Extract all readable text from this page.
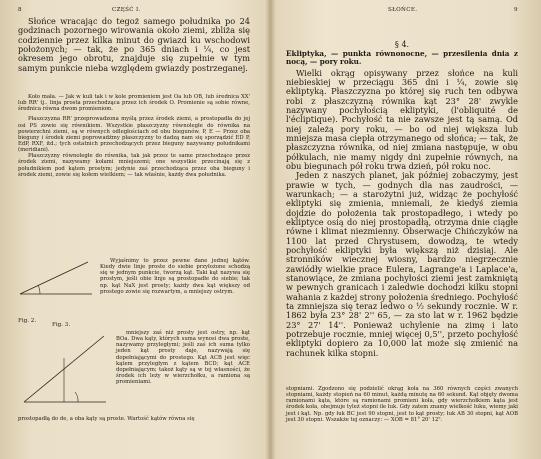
8	CZĘŚĆ I.

Słońce wracając do tegoż samego południka po 24 godzinach pozornego wirowania około ziemi, zbliża się codziennie przez kilka minut do gwiazd ku wschodowi położonych; — tak, że po 365 dniach i ¼, co jest okresem jego obrotu, znajduje się zupełnie w tym samym punkcie nieba względem gwiazdy postrzeganej.

Koło mała. — Jak w kuli tak i w kole promieniem jest Oa lub OB, lub średnica XX' lub RR' tj.. linja prosta przechodząca przez ich środek O. Promienie są sobie równe, średnica równa dwom promieniom.

Płaszczyzna RR' przeprowadzona myślą przez środek ziemi, a prostopadła do jej osi PS zowie się równikiem. Wszystkie płaszczyzny równoległe do równika na powierzchni ziemi, są w równych odległościach od obu biegunów. P, E — Przez oba bieguny i środek ziemi poprowadźmy płaszczyzny to dadzą nam się sporządzić ED P, EdP, RXF, itd.; tych ostatnich przechodzących przez bieguny nazywamy południkami (meridiani).

Płaszczyzny równoległe do równika, tak jak przez te same przechodzące przez środek ziemi, nazywamy kołami mniejszemi; one wszystkie przecinają się z południkiem pod kątem prostym; jedynie zaś przechodząca przez oba bieguny i środek ziemi, zowie się kołem wielkiem; — tak właśnie, każdy dwa południka.

Fig. 2.

Wyjaśnimy to przez pewne dane jednej kątów. Kiedy dwie linje proste do siebie przyłożone schodzą się w jednym punkcie, tworzą kąt. Taki kąt nazywa się prostym, jeśli obie linje są prostopadłe do siebie; tak np. kąt NaX jest prosty; każdy dwa kąt większy od prostego zowie się rozwartym, a mniejszy ostrym.

Fig. 3.

mniejszy zaś niż prosty jest ostry, np. kąt BOa. Dwa kąty, których suma wynosi dwa proste, nazywamy przyległymi; jeśli zaś ich suma tylko jeden kąt prosty daje, nazywają się dopełniającymi do prostego. Kąt ACB jest więc kątem przyległym z kątem BCD; kąt ACE dopełniającym; takoż kąty są w tej własności, że środek ich leży w wierzchołku, a ramiona są promieniami.

prostopadłą do de, a oba kąty są proste. Wartość kątów równa się

SŁOŃCE.	9
§ 4.

Ekliptyka, — punkta równonocne, — przesilenia dnia z nocą, — pory roku.

Wielki okrąg opisywany przez słońce na kuli niebieskiej w przeciągu 365 dni i ¼, zowie się ekliptyką. Płaszczyzna po której się ruch ten odbywa robi z płaszczyzną równika kąt 23° 28' zwykle nazywany pochyłością ekliptyki, (l'obliquité de l'écliptique). Pochyłość ta nie zawsze jest tą samą. Od niej zależą pory roku, — bo od niej większa lub mniejsza masa ciepła otrzymanego od słońca; — tak, że płaszczyzna równika, od niej zmiana następuje, w obu półkulach, nie mamy nigdy dni zupełnie równych, na obu biegunach pół roku trwa dzień, pół roku noc.

Jeden z naszych planet, jak później zobaczymy, jest prawie w tych, — godnych dla nas zaudrości, — warunkach; — a starożytni już, widząc że pochyłość ekliptyki się zmienia, mniemali, że kiedyś ziemia dojdzie do położenia tak prostopadłego, i wtedy po ekliptyce osią do niej prostopadłą, otrzyma dnie ciągłe równe i klimat niezmienny. Obserwacje Chińczyków na 1100 lat przed Chrystusem, dowodzą, te wtedy pochyłość ekliptyki była większą niż dzisiaj. Ale stronników wiecznej wiosny, bardzo niegrzecznie zawiódły wielkie prace Eulera, Lagrange'a i Laplace'a, stanowiące, że zmiana pochyłości ziemi jest zamkniętą w pewnych granicach i zaledwie dochodzi kilku stopni wahania z każdej strony położenia średniego. Pochyłość ta zmniejsza się teraz ledwo o ½ sekundy rocznie. W r. 1862 była 23° 28' 2'' 65, — za sto lat w r. 1962 będzie 23° 27' 14''. Ponieważ uchylenie na zimę i lato potrzebuje rocznie, mniej więcej 0,5'', przeto pochyłość ekliptyki dopiero za 10,000 lat może się zmienić na rachunek kilka stopni.

stopniami. Zgodzono się podzielić okrąg koła na 360 równych części zwanych stopniami, każdy stopień na 60 minut, każdą minutę na 60 sekund. Kąt objęty dwoma ramionami kąta, które są ramionami promieni koła, gdy wierzchołkiem kąta jest środek koła, obejmuje tyleż stopni ile łuk. Gdy zatem znamy wielkość łuku, wiemy jaki jest i kąt. Np. gdy łuk BC jest 90 stopni, jest to kąt prosty; łuk AB 30 stopni, kąt AOB jest 30 stopni. Wszakże tej oznaczy: — XOB = 81° 20' 12".
